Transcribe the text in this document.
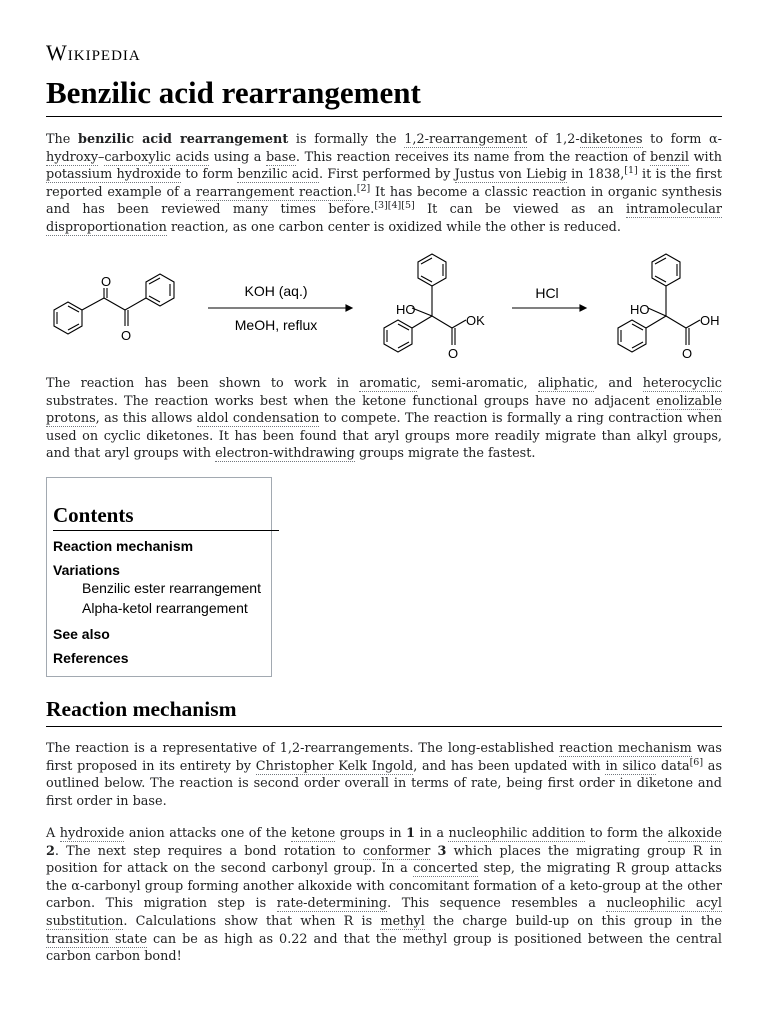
Wikipedia
Benzilic acid rearrangement

The benzilic acid rearrangement is formally the 1,2-rearrangement of 1,2-diketones to form α-hydroxy–carboxylic acids using a base. This reaction receives its name from the reaction of benzil with potassium hydroxide to form benzilic acid. First performed by Justus von Liebig in 1838,[1] it is the first reported example of a rearrangement reaction.[2] It has become a classic reaction in organic synthesis and has been reviewed many times before.[3][4][5] It can be viewed as an intramolecular disproportionation reaction, as one carbon center is oxidized while the other is reduced.

O
O
KOH (aq.)
MeOH, reflux
HO
OK
O
HCl
HO
OH
O

The reaction has been shown to work in aromatic, semi-aromatic, aliphatic, and heterocyclic substrates. The reaction works best when the ketone functional groups have no adjacent enolizable protons, as this allows aldol condensation to compete. The reaction is formally a ring contraction when used on cyclic diketones. It has been found that aryl groups more readily migrate than alkyl groups, and that aryl groups with electron-withdrawing groups migrate the fastest.

Contents
Reaction mechanism
Variations
Benzilic ester rearrangement
Alpha-ketol rearrangement
See also
References
Reaction mechanism

The reaction is a representative of 1,2-rearrangements. The long-established reaction mechanism was first proposed in its entirety by Christopher Kelk Ingold, and has been updated with in silico data[6] as outlined below. The reaction is second order overall in terms of rate, being first order in diketone and first order in base.

A hydroxide anion attacks one of the ketone groups in 1 in a nucleophilic addition to form the alkoxide 2. The next step requires a bond rotation to conformer 3 which places the migrating group R in position for attack on the second carbonyl group. In a concerted step, the migrating R group attacks the α-carbonyl group forming another alkoxide with concomitant formation of a keto-group at the other carbon. This migration step is rate-determining. This sequence resembles a nucleophilic acyl substitution. Calculations show that when R is methyl the charge build-up on this group in the transition state can be as high as 0.22 and that the methyl group is positioned between the central carbon carbon bond!
